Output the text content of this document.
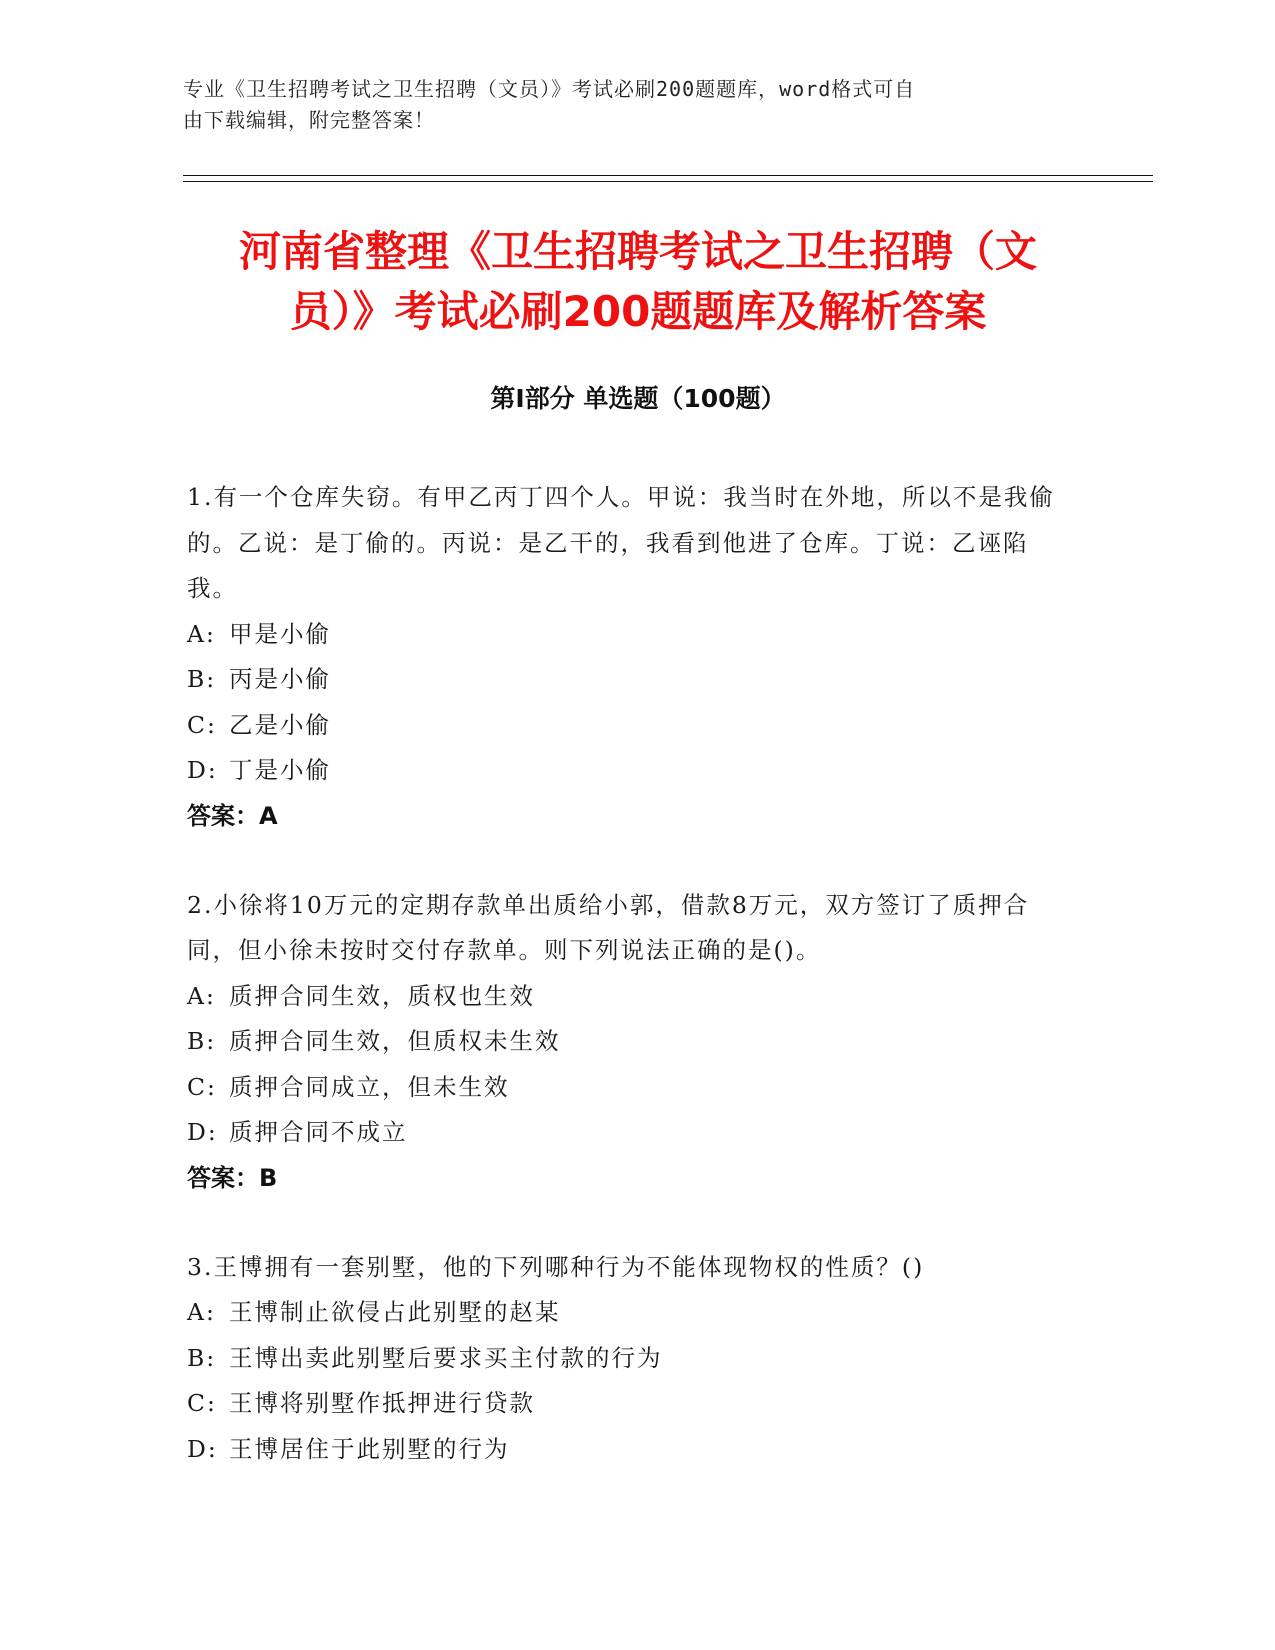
专业《卫生招聘考试之卫生招聘（文员）》考试必刷200题题库，word格式可自
由下载编辑，附完整答案！
河南省整理《卫生招聘考试之卫生招聘（文
员）》考试必刷200题题库及解析答案
第Ⅰ部分 单选题（100题）
1 . 有一个仓库失窃。有甲乙丙丁四个人。甲说：我当时在外地，所以不是我偷的。乙说：是丁偷的。丙说：是乙干的，我看到他进了仓库。丁说：乙诬陷我。
A: 甲是小偷
B: 丙是小偷
C: 乙是小偷
D: 丁是小偷
答案：A
2 . 小徐将10万元的定期存款单出质给小郭，借款8万元，双方签订了质押合同，但小徐未按时交付存款单。则下列说法正确的是()。
A: 质押合同生效，质权也生效
B: 质押合同生效，但质权未生效
C: 质押合同成立，但未生效
D: 质押合同不成立
答案：B
3 . 王博拥有一套别墅，他的下列哪种行为不能体现物权的性质？()
A: 王博制止欲侵占此别墅的赵某
B: 王博出卖此别墅后要求买主付款的行为
C: 王博将别墅作抵押进行贷款
D: 王博居住于此别墅的行为
